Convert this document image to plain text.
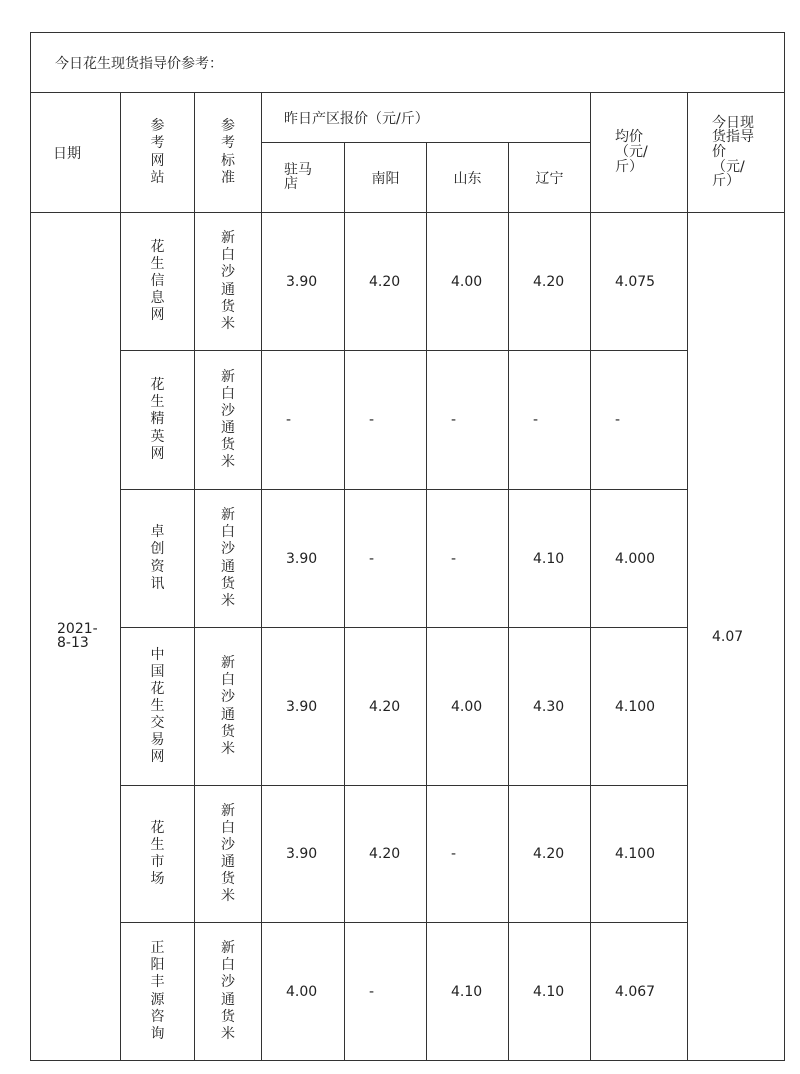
今日花生现货指导价参考：								
日期	参考网站	参考标准	昨日产区报价（元/斤）				均价（元/斤）	今日现货指导价（元/斤）
			驻马店	南阳	山东	辽宁		
2021-8-13	花生信息网	新白沙通货米	3.90	4.20	4.00	4.20	4.075	4.07
	花生精英网	新白沙通货米	-	-	-	-	-	
	卓创资讯	新白沙通货米	3.90	-	-	4.10	4.000	
	中国花生交易网	新白沙通货米	3.90	4.20	4.00	4.30	4.100	
	花生市场	新白沙通货米	3.90	4.20	-	4.20	4.100	
	正阳丰源咨询	新白沙通货米	4.00	-	4.10	4.10	4.067	
